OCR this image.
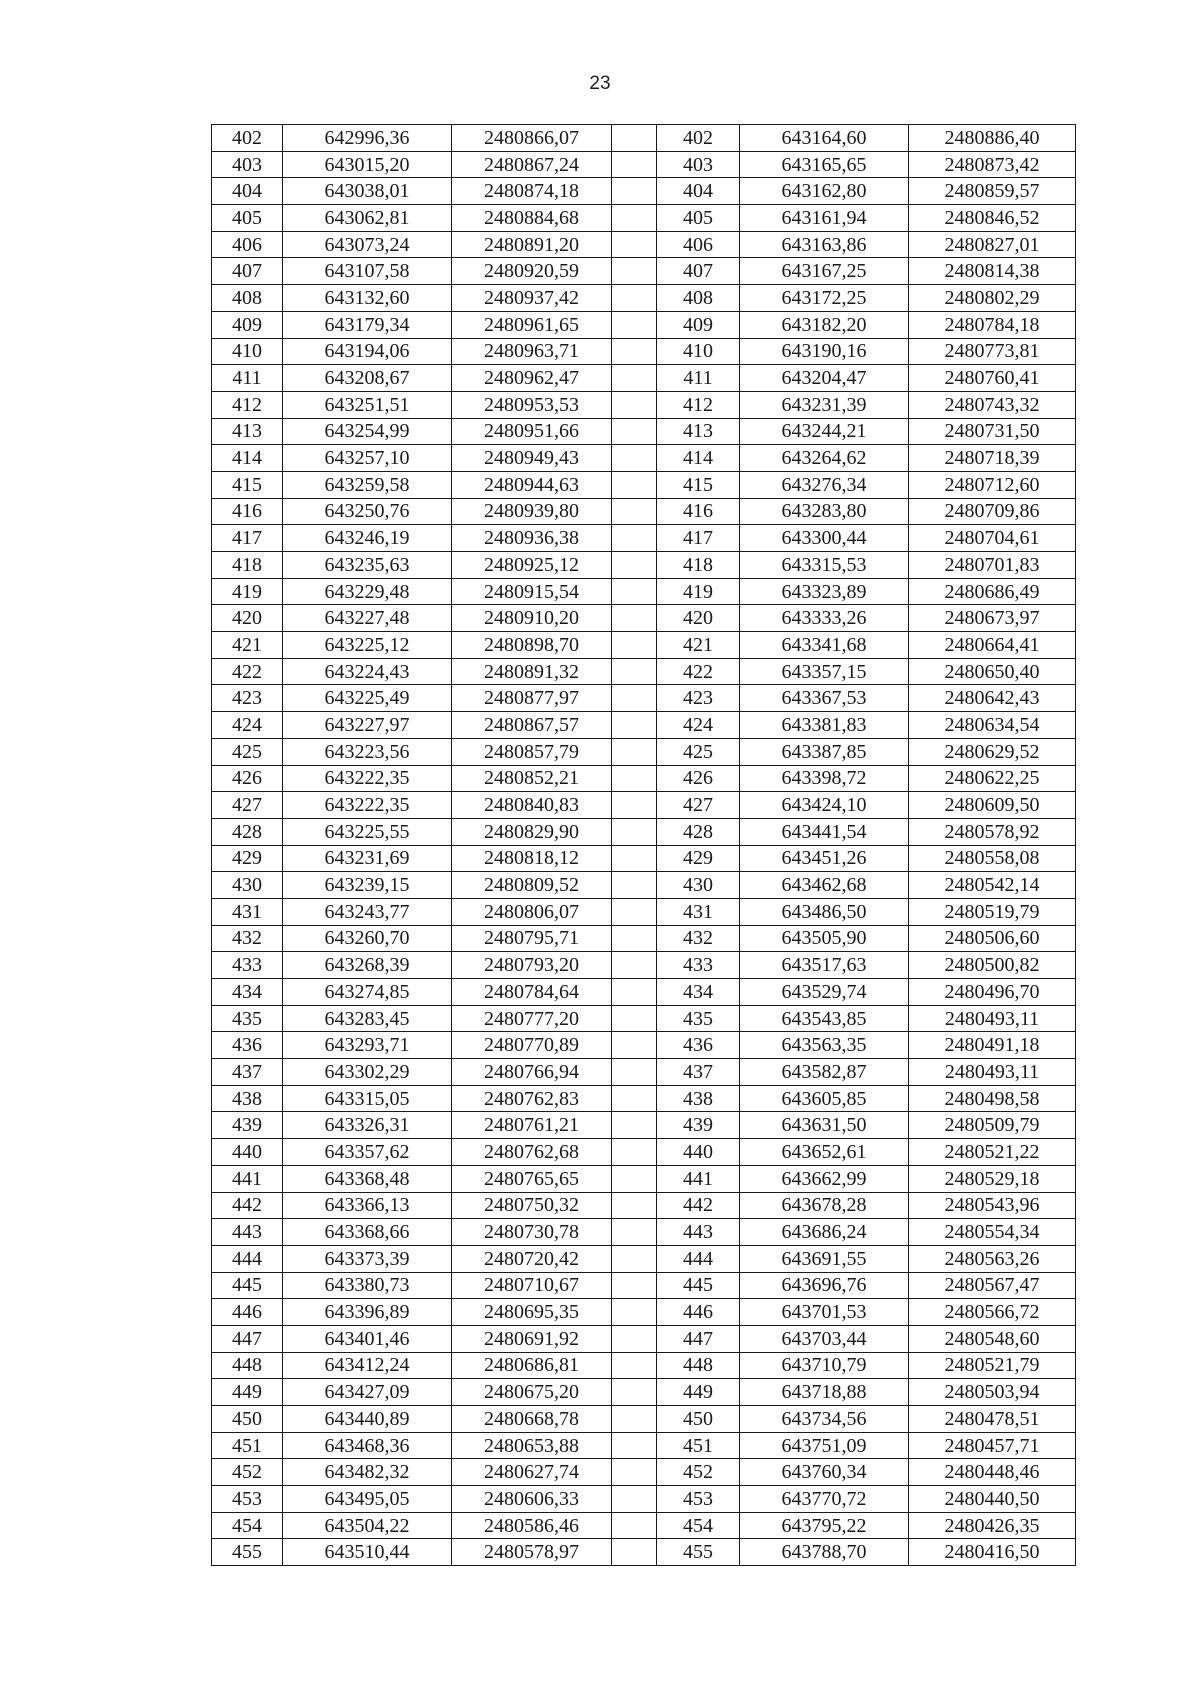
23
402	642996,36	2480866,07		402	643164,60	2480886,40
403	643015,20	2480867,24		403	643165,65	2480873,42
404	643038,01	2480874,18		404	643162,80	2480859,57
405	643062,81	2480884,68		405	643161,94	2480846,52
406	643073,24	2480891,20		406	643163,86	2480827,01
407	643107,58	2480920,59		407	643167,25	2480814,38
408	643132,60	2480937,42		408	643172,25	2480802,29
409	643179,34	2480961,65		409	643182,20	2480784,18
410	643194,06	2480963,71		410	643190,16	2480773,81
411	643208,67	2480962,47		411	643204,47	2480760,41
412	643251,51	2480953,53		412	643231,39	2480743,32
413	643254,99	2480951,66		413	643244,21	2480731,50
414	643257,10	2480949,43		414	643264,62	2480718,39
415	643259,58	2480944,63		415	643276,34	2480712,60
416	643250,76	2480939,80		416	643283,80	2480709,86
417	643246,19	2480936,38		417	643300,44	2480704,61
418	643235,63	2480925,12		418	643315,53	2480701,83
419	643229,48	2480915,54		419	643323,89	2480686,49
420	643227,48	2480910,20		420	643333,26	2480673,97
421	643225,12	2480898,70		421	643341,68	2480664,41
422	643224,43	2480891,32		422	643357,15	2480650,40
423	643225,49	2480877,97		423	643367,53	2480642,43
424	643227,97	2480867,57		424	643381,83	2480634,54
425	643223,56	2480857,79		425	643387,85	2480629,52
426	643222,35	2480852,21		426	643398,72	2480622,25
427	643222,35	2480840,83		427	643424,10	2480609,50
428	643225,55	2480829,90		428	643441,54	2480578,92
429	643231,69	2480818,12		429	643451,26	2480558,08
430	643239,15	2480809,52		430	643462,68	2480542,14
431	643243,77	2480806,07		431	643486,50	2480519,79
432	643260,70	2480795,71		432	643505,90	2480506,60
433	643268,39	2480793,20		433	643517,63	2480500,82
434	643274,85	2480784,64		434	643529,74	2480496,70
435	643283,45	2480777,20		435	643543,85	2480493,11
436	643293,71	2480770,89		436	643563,35	2480491,18
437	643302,29	2480766,94		437	643582,87	2480493,11
438	643315,05	2480762,83		438	643605,85	2480498,58
439	643326,31	2480761,21		439	643631,50	2480509,79
440	643357,62	2480762,68		440	643652,61	2480521,22
441	643368,48	2480765,65		441	643662,99	2480529,18
442	643366,13	2480750,32		442	643678,28	2480543,96
443	643368,66	2480730,78		443	643686,24	2480554,34
444	643373,39	2480720,42		444	643691,55	2480563,26
445	643380,73	2480710,67		445	643696,76	2480567,47
446	643396,89	2480695,35		446	643701,53	2480566,72
447	643401,46	2480691,92		447	643703,44	2480548,60
448	643412,24	2480686,81		448	643710,79	2480521,79
449	643427,09	2480675,20		449	643718,88	2480503,94
450	643440,89	2480668,78		450	643734,56	2480478,51
451	643468,36	2480653,88		451	643751,09	2480457,71
452	643482,32	2480627,74		452	643760,34	2480448,46
453	643495,05	2480606,33		453	643770,72	2480440,50
454	643504,22	2480586,46		454	643795,22	2480426,35
455	643510,44	2480578,97		455	643788,70	2480416,50
